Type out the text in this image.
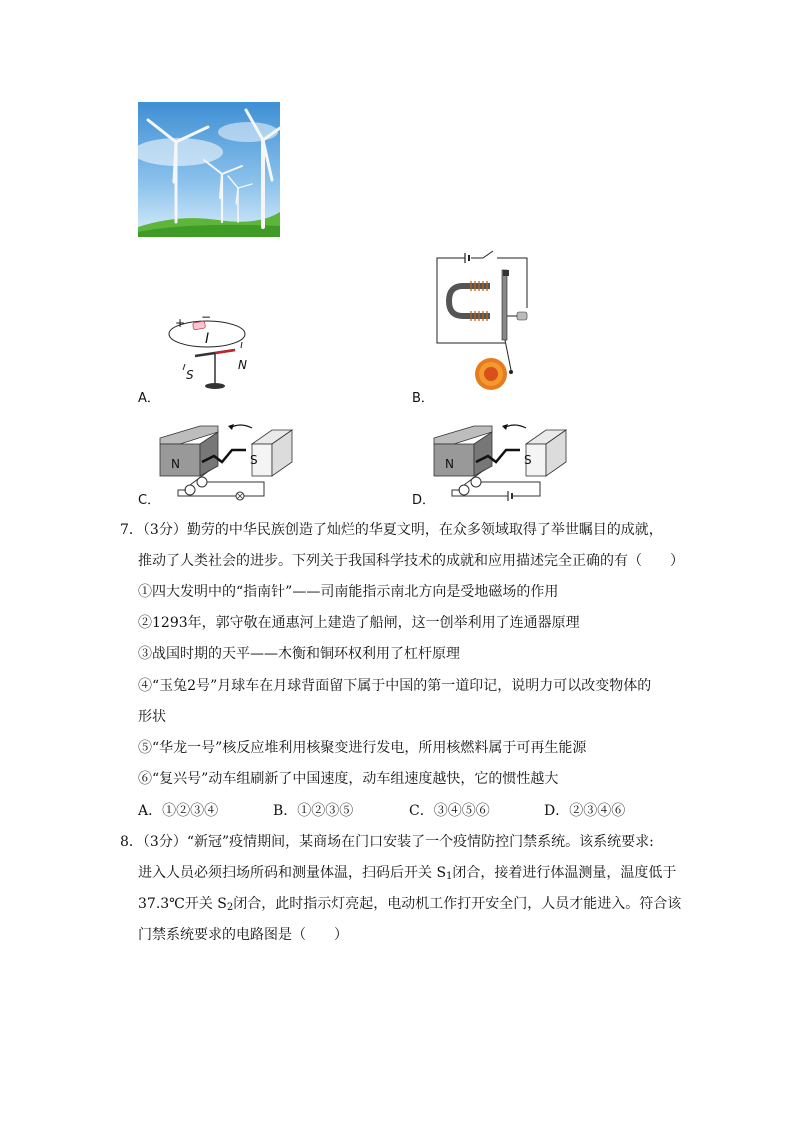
+ −
I
S
N
A．	B．
N	S
C．
N	S
D．
7．（3分）勤劳的中华民族创造了灿烂的华夏文明，在众多领域取得了举世瞩目的成就，
推动了人类社会的进步。下列关于我国科学技术的成就和应用描述完全正确的有（　　）
①四大发明中的“指南针”——司南能指示南北方向是受地磁场的作用
②1293年，郭守敬在通惠河上建造了船闸，这一创举利用了连通器原理
③战国时期的天平——木衡和铜环权利用了杠杆原理
④“玉兔2号”月球车在月球背面留下属于中国的第一道印记，说明力可以改变物体的
形状
⑤“华龙一号”核反应堆利用核聚变进行发电，所用核燃料属于可再生能源
⑥“复兴号”动车组刷新了中国速度，动车组速度越快，它的惯性越大
A．①②③④	B．①②③⑤	C．③④⑤⑥	D．②③④⑥
8．（3分）“新冠”疫情期间，某商场在门口安装了一个疫情防控门禁系统。该系统要求:
进入人员必须扫场所码和测量体温，扫码后开关 $S_1$闭合，接着进行体温测量，温度低于
37.3℃开关 $S_2$闭合，此时指示灯亮起，电动机工作打开安全门，人员才能进入。符合该
门禁系统要求的电路图是（　　）
